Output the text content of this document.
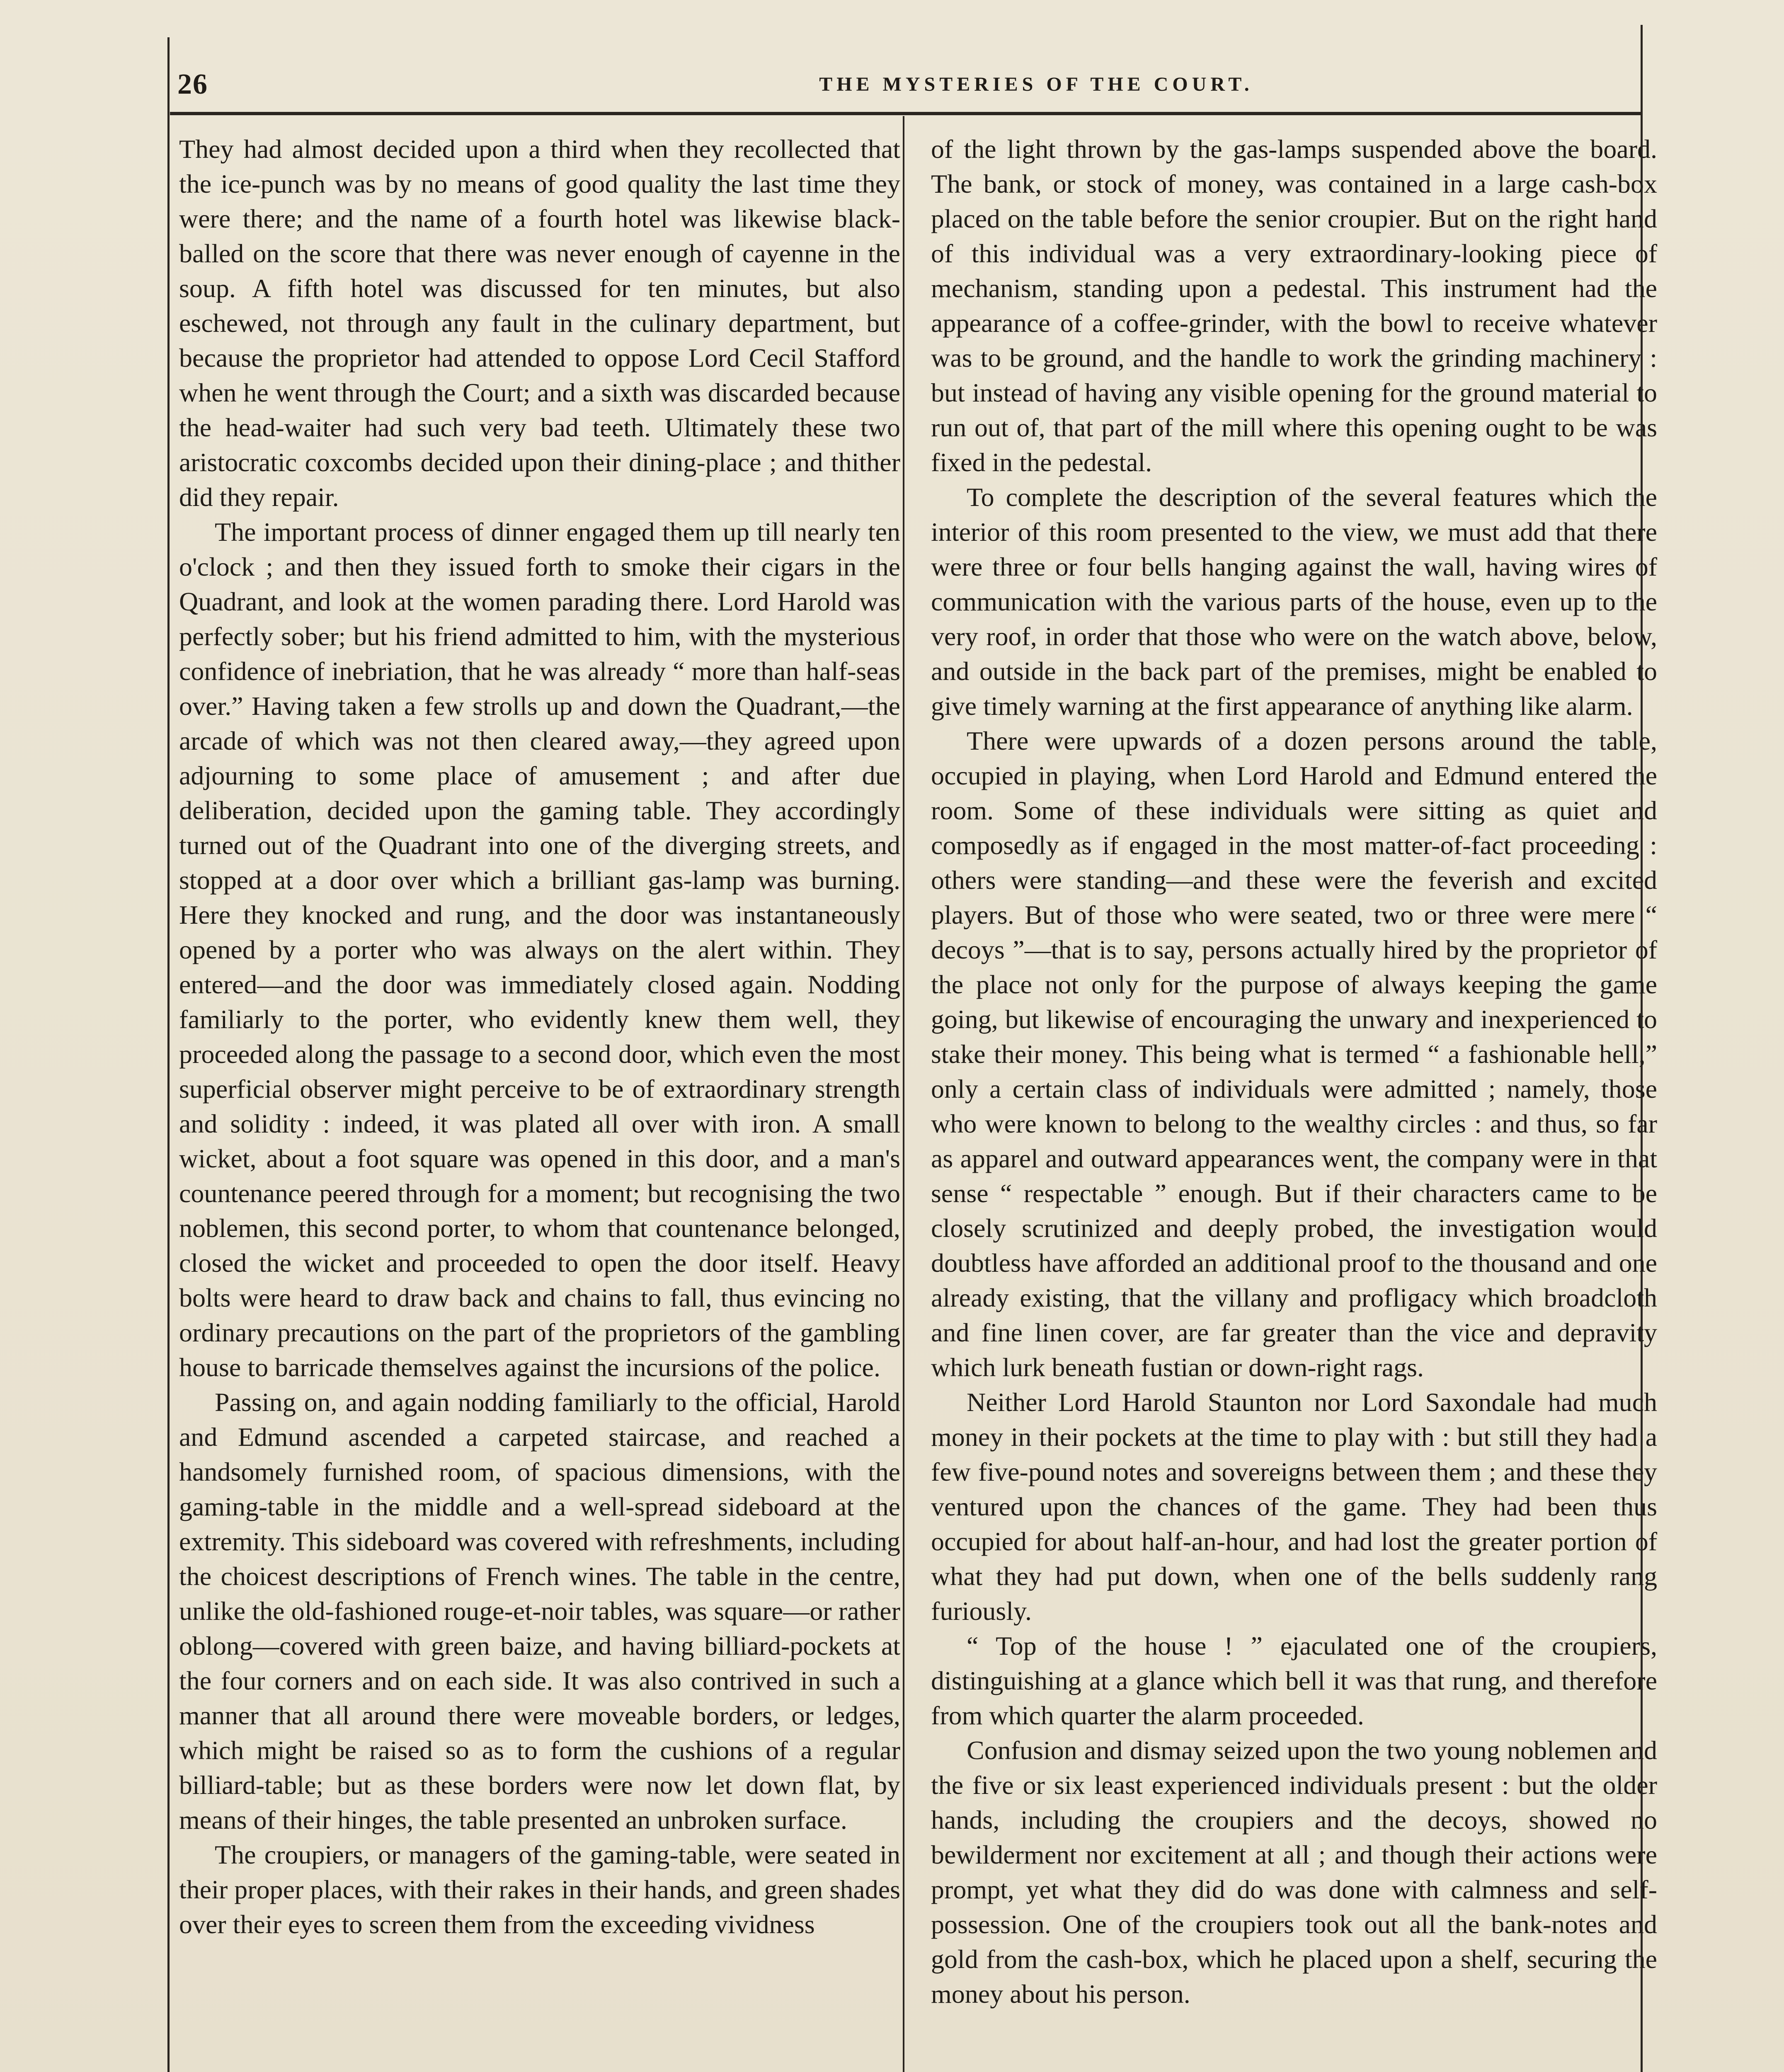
26	THE MYSTERIES OF THE COURT.

They had almost decided upon a third when they recollected that the ice-punch was by no means of good quality the last time they were there; and the name of a fourth hotel was likewise black-balled on the score that there was never enough of cayenne in the soup. A fifth hotel was discussed for ten minutes, but also eschewed, not through any fault in the culinary department, but because the proprietor had attended to oppose Lord Cecil Stafford when he went through the Court; and a sixth was discarded because the head-waiter had such very bad teeth. Ultimately these two aristocratic coxcombs decided upon their dining-place ; and thither did they repair.

The important process of dinner engaged them up till nearly ten o'clock ; and then they issued forth to smoke their cigars in the Quadrant, and look at the women parading there. Lord Harold was perfectly sober; but his friend admitted to him, with the mysterious confidence of inebriation, that he was already “ more than half-seas over.” Having taken a few strolls up and down the Quadrant,—the arcade of which was not then cleared away,—they agreed upon adjourning to some place of amusement ; and after due deliberation, decided upon the gaming table. They accordingly turned out of the Quadrant into one of the diverging streets, and stopped at a door over which a brilliant gas-lamp was burning. Here they knocked and rung, and the door was instantaneously opened by a porter who was always on the alert within. They entered—and the door was immediately closed again. Nodding familiarly to the porter, who evidently knew them well, they proceeded along the passage to a second door, which even the most superficial observer might perceive to be of extraordinary strength and solidity : indeed, it was plated all over with iron. A small wicket, about a foot square was opened in this door, and a man's countenance peered through for a moment; but recognising the two noblemen, this second porter, to whom that countenance belonged, closed the wicket and proceeded to open the door itself. Heavy bolts were heard to draw back and chains to fall, thus evincing no ordinary precautions on the part of the proprietors of the gambling house to barricade themselves against the incursions of the police.

Passing on, and again nodding familiarly to the official, Harold and Edmund ascended a carpeted staircase, and reached a handsomely furnished room, of spacious dimensions, with the gaming-table in the middle and a well-spread sideboard at the extremity. This sideboard was covered with refreshments, including the choicest descriptions of French wines. The table in the centre, unlike the old-fashioned rouge-et-noir tables, was square—or rather oblong—covered with green baize, and having billiard-pockets at the four corners and on each side. It was also contrived in such a manner that all around there were moveable borders, or ledges, which might be raised so as to form the cushions of a regular billiard-table; but as these borders were now let down flat, by means of their hinges, the table presented an unbroken surface.

The croupiers, or managers of the gaming-table, were seated in their proper places, with their rakes in their hands, and green shades over their eyes to screen them from the exceeding vividness

of the light thrown by the gas-lamps suspended above the board. The bank, or stock of money, was contained in a large cash-box placed on the table before the senior croupier. But on the right hand of this individual was a very extraordinary-looking piece of mechanism, standing upon a pedestal. This instrument had the appearance of a coffee-grinder, with the bowl to receive whatever was to be ground, and the handle to work the grinding machinery : but instead of having any visible opening for the ground material to run out of, that part of the mill where this opening ought to be was fixed in the pedestal.

To complete the description of the several features which the interior of this room presented to the view, we must add that there were three or four bells hanging against the wall, having wires of communication with the various parts of the house, even up to the very roof, in order that those who were on the watch above, below, and outside in the back part of the premises, might be enabled to give timely warning at the first appearance of anything like alarm.

There were upwards of a dozen persons around the table, occupied in playing, when Lord Harold and Edmund entered the room. Some of these individuals were sitting as quiet and composedly as if engaged in the most matter-of-fact proceeding : others were standing—and these were the feverish and excited players. But of those who were seated, two or three were mere “ decoys ”—that is to say, persons actually hired by the proprietor of the place not only for the purpose of always keeping the game going, but likewise of encouraging the unwary and inexperienced to stake their money. This being what is termed “ a fashionable hell,” only a certain class of individuals were admitted ; namely, those who were known to belong to the wealthy circles : and thus, so far as apparel and outward appearances went, the company were in that sense “ respectable ” enough. But if their characters came to be closely scrutinized and deeply probed, the investigation would doubtless have afforded an additional proof to the thousand and one already existing, that the villany and profligacy which broadcloth and fine linen cover, are far greater than the vice and depravity which lurk beneath fustian or down-right rags.

Neither Lord Harold Staunton nor Lord Saxondale had much money in their pockets at the time to play with : but still they had a few five-pound notes and sovereigns between them ; and these they ventured upon the chances of the game. They had been thus occupied for about half-an-hour, and had lost the greater portion of what they had put down, when one of the bells suddenly rang furiously.

“ Top of the house ! ” ejaculated one of the croupiers, distinguishing at a glance which bell it was that rung, and therefore from which quarter the alarm proceeded.

Confusion and dismay seized upon the two young noblemen and the five or six least experienced individuals present : but the older hands, including the croupiers and the decoys, showed no bewilderment nor excitement at all ; and though their actions were prompt, yet what they did do was done with calmness and self-possession. One of the croupiers took out all the bank-notes and gold from the cash-box, which he placed upon a shelf, securing the money about his person.
